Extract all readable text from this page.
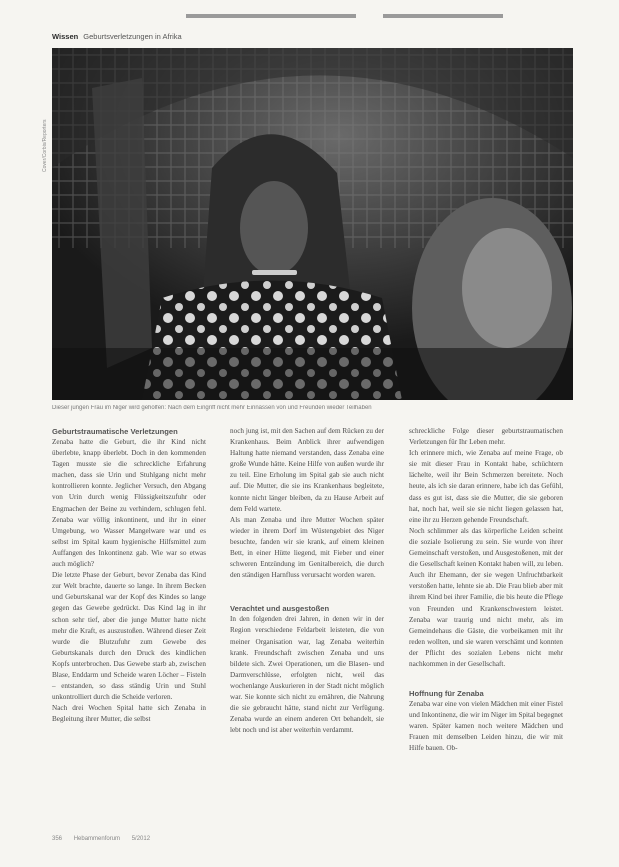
Wissen Geburtsverletzungen in Afrika
Cover/Corbis/Reporters
Dieser jungen Frau im Niger wird geholfen: Nach dem Eingriff nicht mehr Einnässen von und Freunden wieder Teilhaben
Geburtstraumatische Verletzungen

Zenaba hatte die Geburt, die ihr Kind nicht überlebte, knapp überlebt. Doch in den kommenden Tagen musste sie die schreckliche Erfahrung machen, dass sie Urin und Stuhlgang nicht mehr kontrollieren konnte. Jeglicher Versuch, den Abgang von Urin durch wenig Flüssigkeitszufuhr oder Engmachen der Beine zu verhindern, schlugen fehl. Zenaba war völlig inkontinent, und ihr in einer Umgebung, wo Wasser Mangelware war und es selbst im Spital kaum hygienische Hilfsmittel zum Auffangen des Inkontinenz gab. Wie war so etwas auch möglich?

Die letzte Phase der Geburt, bevor Zenaba das Kind zur Welt brachte, dauerte so lange. In ihrem Becken und Geburtskanal war der Kopf des Kindes so lange gegen das Gewebe gedrückt. Das Kind lag in ihr schon sehr tief, aber die junge Mutter hatte nicht mehr die Kraft, es auszustoßen. Während dieser Zeit wurde die Blutzufuhr zum Gewebe des Geburtskanals durch den Druck des kindlichen Kopfs unterbrochen. Das Gewebe starb ab, zwischen Blase, Enddarm und Scheide waren Löcher – Fisteln – entstanden, so dass ständig Urin und Stuhl unkontrolliert durch die Scheide verloren.

Nach drei Wochen Spital hatte sich Zenaba in Begleitung ihrer Mutter, die selbst

noch jung ist, mit den Sachen auf dem Rücken zu der Krankenhaus. Beim Anblick ihrer aufwendigen Haltung hatte niemand verstanden, dass Zenaba eine große Wunde hätte. Keine Hilfe von außen wurde ihr zu teil. Eine Erholung im Spital gab sie auch nicht auf. Die Mutter, die sie ins Krankenhaus begleitete, konnte nicht länger bleiben, da zu Hause Arbeit auf dem Feld wartete.

Als man Zenaba und ihre Mutter Wochen später wieder in ihrem Dorf im Wüstengebiet des Niger besuchte, fanden wir sie krank, auf einem kleinen Bett, in einer Hütte liegend, mit Fieber und einer schweren Entzündung im Genitalbereich, die durch den ständigen Harnfluss verursacht worden waren.

Verachtet und ausgestoßen

In den folgenden drei Jahren, in denen wir in der Region verschiedene Feldarbeit leisteten, die von meiner Organisation war, lag Zenaba weiterhin krank. Freundschaft zwischen Zenaba und uns bildete sich. Zwei Operationen, um die Blasen- und Darmverschlüsse, erfolgten nicht, weil das wochenlange Auskurieren in der Stadt nicht möglich war. Sie konnte sich nicht zu ernähren, die Nahrung die sie gebraucht hätte, stand nicht zur Verfügung. Zenaba wurde an einem anderen Ort behandelt, sie lebt noch und ist aber weiterhin verdammt.

schreckliche Folge dieser geburtstraumatischen Verletzungen für Ihr Leben mehr.

Ich erinnere mich, wie Zenaba auf meine Frage, ob sie mit dieser Frau in Kontakt habe, schüchtern lächelte, weil ihr Bein Schmerzen bereitete. Noch heute, als ich sie daran erinnere, habe ich das Gefühl, dass es gut ist, dass sie die Mutter, die sie geboren hat, noch hat, weil sie sie nicht liegen gelassen hat, eine ihr zu Herzen gehende Freundschaft.

Noch schlimmer als das körperliche Leiden scheint die soziale Isolierung zu sein. Sie wurde von ihrer Gemeinschaft verstoßen, und Ausgestoßenen, mit der die Gesellschaft keinen Kontakt haben will, zu leben. Auch ihr Ehemann, der sie wegen Unfruchtbarkeit verstoßen hatte, lehnte sie ab. Die Frau blieb aber mit ihrem Kind bei ihrer Familie, die bis heute die Pflege von Freunden und Krankenschwestern leistet. Zenaba war traurig und nicht mehr, als im Gemeindehaus die Gäste, die vorbeikamen mit ihr reden wollten, und sie waren verschämt und konnten der Pflicht des sozialen Lebens nicht mehr nachkommen in der Gesellschaft.

Hoffnung für Zenaba

Zenaba war eine von vielen Mädchen mit einer Fistel und Inkontinenz, die wir im Niger im Spital begegnet waren. Später kamen noch weitere Mädchen und Frauen mit demselben Leiden hinzu, die wir mit Hilfe bauen. Ob-

356 Hebammenforum 5/2012
